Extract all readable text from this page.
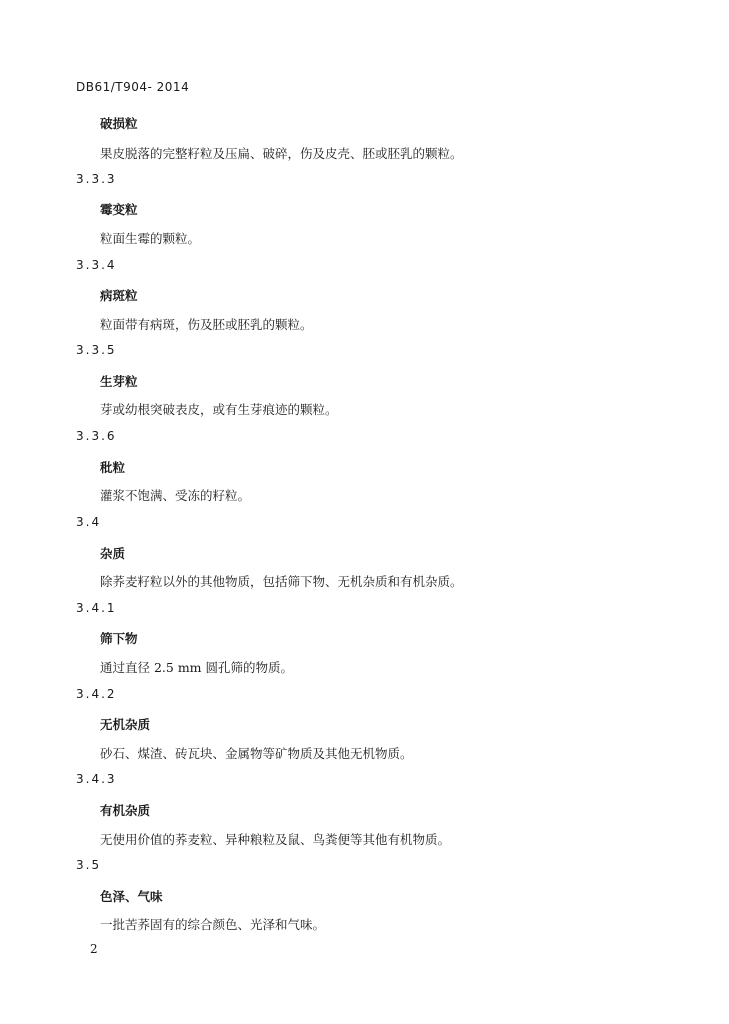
DB61/T904- 2014
破损粒
果皮脱落的完整籽粒及压扁、破碎，伤及皮壳、胚或胚乳的颗粒。
3.3.3
霉变粒
粒面生霉的颗粒。
3.3.4
病斑粒
粒面带有病斑，伤及胚或胚乳的颗粒。
3.3.5
生芽粒
芽或幼根突破表皮，或有生芽痕迹的颗粒。
3.3.6
秕粒
灌浆不饱满、受冻的籽粒。
3.4
杂质
除荞麦籽粒以外的其他物质，包括筛下物、无机杂质和有机杂质。
3.4.1
筛下物
通过直径 2.5 mm 圆孔筛的物质。
3.4.2
无机杂质
砂石、煤渣、砖瓦块、金属物等矿物质及其他无机物质。
3.4.3
有机杂质
无使用价值的荞麦粒、异种粮粒及鼠、鸟粪便等其他有机物质。
3.5
色泽、气味
一批苦荞固有的综合颜色、光泽和气味。
2
